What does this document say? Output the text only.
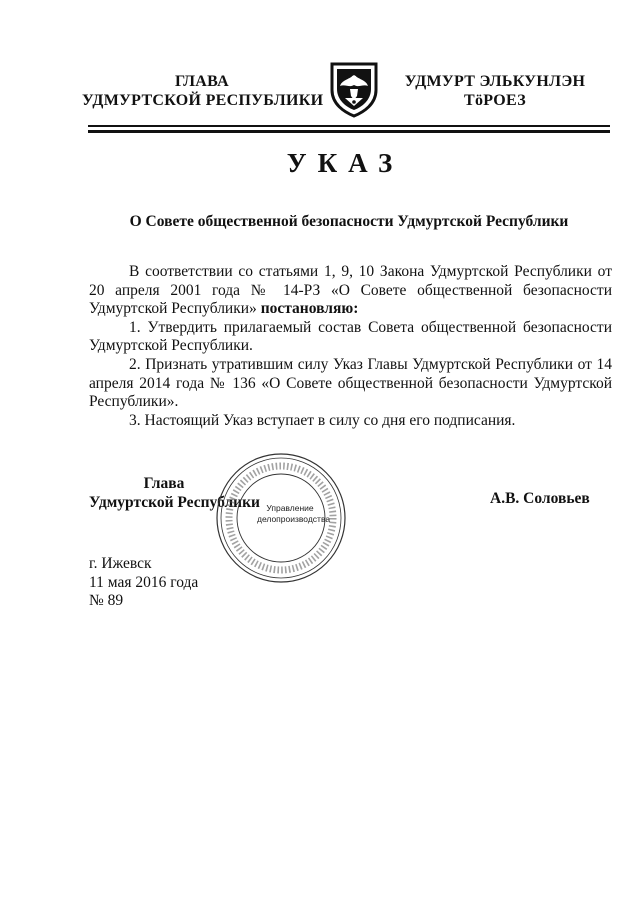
ГЛАВА
УДМУРТСКОЙ РЕСПУБЛИКИ
УДМУРТ ЭЛЬКУНЛЭН
ТӧРОЕЗ
УКАЗ
О Совете общественной безопасности Удмуртской Республики

В соответствии со статьями 1, 9, 10 Закона Удмуртской Республики от 20 апреля 2001 года № 14-РЗ «О Совете общественной безопасности Удмуртской Республики» постановляю:

1. Утвердить прилагаемый состав Совета общественной безопасности Удмуртской Республики.

2. Признать утратившим силу Указ Главы Удмуртской Республики от 14 апреля 2014 года № 136 «О Совете общественной безопасности Удмуртской Республики».

3. Настоящий Указ вступает в силу со дня его подписания.

Глава
Удмуртской Республики Управление
делопроизводства
А.В. Соловьев
г. Ижевск
11 мая 2016 года
№ 89
